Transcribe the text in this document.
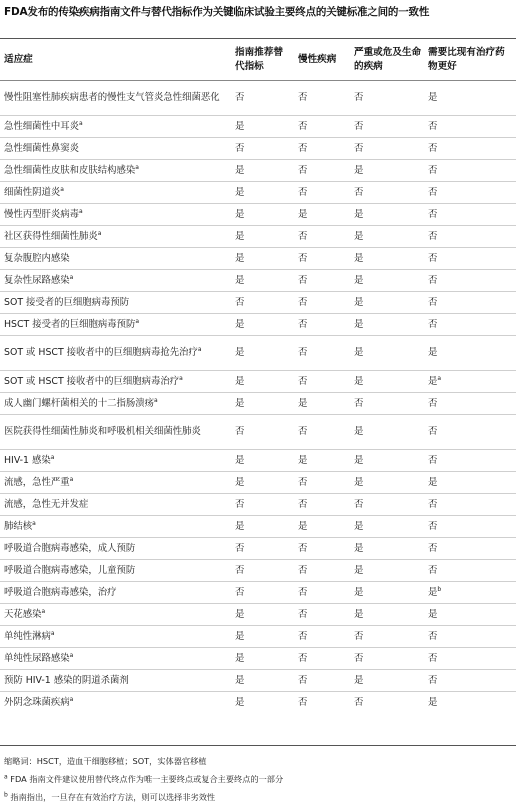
FDA发布的传染疾病指南文件与替代指标作为关键临床试验主要终点的关键标准之间的一致性
适应症	指南推荐替代指标	慢性疾病	严重或危及生命的疾病	需要比现有治疗药物更好
慢性阻塞性肺疾病患者的慢性支气管炎急性细菌恶化	否	否	否	是
急性细菌性中耳炎$^a$	是	否	否	否
急性细菌性鼻窦炎	否	否	否	否
急性细菌性皮肤和皮肤结构感染$^a$	是	否	是	否
细菌性阴道炎$^a$	是	否	否	否
慢性丙型肝炎病毒$^a$	是	是	是	否
社区获得性细菌性肺炎$^a$	是	否	是	否
复杂腹腔内感染	是	否	是	否
复杂性尿路感染$^a$	是	否	是	否
SOT 接受者的巨细胞病毒预防	否	否	是	否
HSCT 接受者的巨细胞病毒预防$^a$	是	否	是	否
SOT 或 HSCT 接收者中的巨细胞病毒抢先治疗$^a$	是	否	是	是
SOT 或 HSCT 接收者中的巨细胞病毒治疗$^a$	是	否	是	是$^a$
成人幽门螺杆菌相关的十二指肠溃疡$^a$	是	是	否	否
医院获得性细菌性肺炎和呼吸机相关细菌性肺炎	否	否	是	否
HIV-1 感染$^a$	是	是	是	否
流感，急性严重$^a$	是	否	是	是
流感，急性无并发症	否	否	否	否
肺结核$^a$	是	是	是	否
呼吸道合胞病毒感染，成人预防	否	否	是	否
呼吸道合胞病毒感染，儿童预防	否	否	是	否
呼吸道合胞病毒感染，治疗	否	否	是	是$^b$
天花感染$^a$	是	否	是	是
单纯性淋病$^a$	是	否	否	否
单纯性尿路感染$^a$	是	否	否	否
预防 HIV-1 感染的阴道杀菌剂	是	否	是	否
外阴念珠菌疾病$^a$	是	否	否	是
缩略词：HSCT，造血干细胞移植；SOT，实体器官移植
$^a$ FDA 指南文件建议使用替代终点作为唯一主要终点或复合主要终点的一部分
$^b$ 指南指出，一旦存在有效治疗方法，则可以选择非劣效性
